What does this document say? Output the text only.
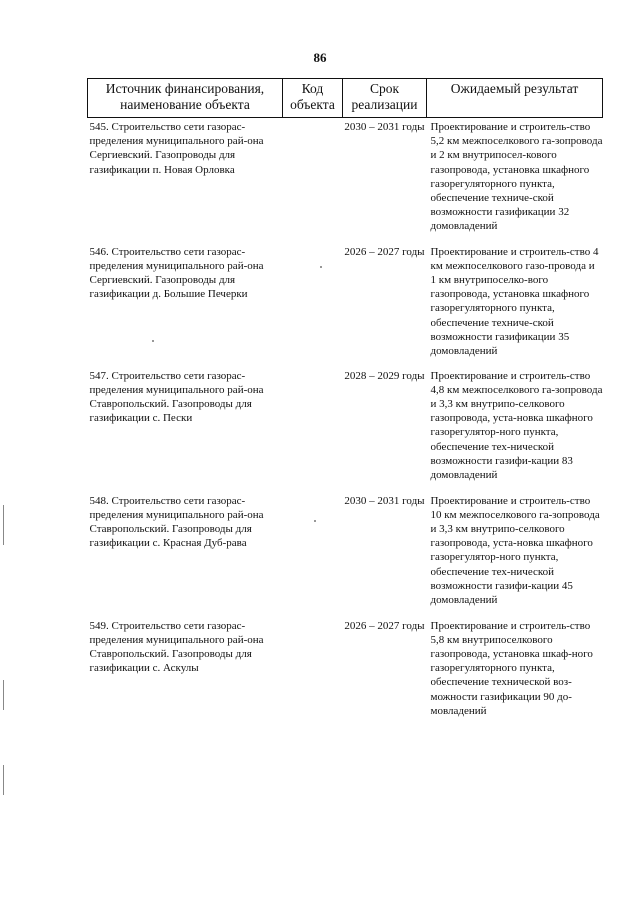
86
Источник финансирования, наименование объекта	Код объекта	Срок реализации	Ожидаемый результат
545. Строительство сети газорас-пределения муниципального рай-она Сергиевский. Газопроводы для газификации п. Новая Орловка		2030 – 2031 годы	Проектирование и строитель-ство 5,2 км межпоселкового га-зопровода и 2 км внутрипосел-кового газопровода, установка шкафного газорегуляторного пункта, обеспечение техниче-ской возможности газификации 32 домовладений
546. Строительство сети газорас-пределения муниципального рай-она Сергиевский. Газопроводы для газификации д. Большие Печерки		2026 – 2027 годы	Проектирование и строитель-ство 4 км межпоселкового газо-провода и 1 км внутрипоселко-вого газопровода, установка шкафного газорегуляторного пункта, обеспечение техниче-ской возможности газификации 35 домовладений
547. Строительство сети газорас-пределения муниципального рай-она Ставропольский. Газопроводы для газификации с. Пески		2028 – 2029 годы	Проектирование и строитель-ство 4,8 км межпоселкового га-зопровода и 3,3 км внутрипо-селкового газопровода, уста-новка шкафного газорегулятор-ного пункта, обеспечение тех-нической возможности газифи-кации 83 домовладений
548. Строительство сети газорас-пределения муниципального рай-она Ставропольский. Газопроводы для газификации с. Красная Дуб-рава		2030 – 2031 годы	Проектирование и строитель-ство 10 км межпоселкового га-зопровода и 3,3 км внутрипо-селкового газопровода, уста-новка шкафного газорегулятор-ного пункта, обеспечение тех-нической возможности газифи-кации 45 домовладений
549. Строительство сети газорас-пределения муниципального рай-она Ставропольский. Газопроводы для газификации с. Аскулы		2026 – 2027 годы	Проектирование и строитель-ство 5,8 км внутрипоселкового газопровода, установка шкаф-ного газорегуляторного пункта, обеспечение технической воз-можности газификации 90 до-мовладений
